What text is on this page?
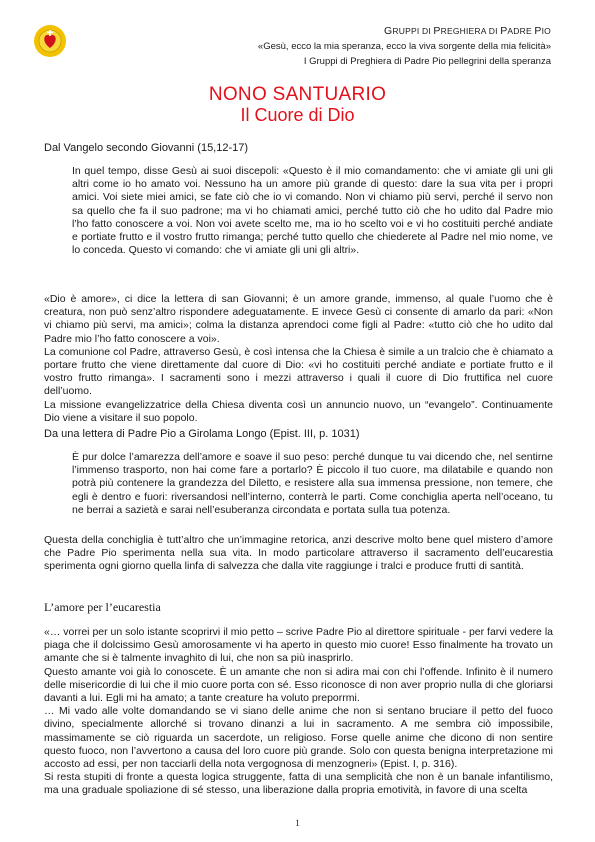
GRUPPI DI PREGHIERA DI PADRE PIO
«Gesù, ecco la mia speranza, ecco la viva sorgente della mia felicità»
I Gruppi di Preghiera di Padre Pio pellegrini della speranza
NONO SANTUARIO
Il Cuore di Dio
Dal Vangelo secondo Giovanni (15,12-17)
In quel tempo, disse Gesù ai suoi discepoli: «Questo è il mio comandamento: che vi amiate gli uni gli altri come io ho amato voi. Nessuno ha un amore più grande di questo: dare la sua vita per i propri amici. Voi siete miei amici, se fate ciò che io vi comando. Non vi chiamo più servi, perché il servo non sa quello che fa il suo padrone; ma vi ho chiamati amici, perché tutto ciò che ho udito dal Padre mio l’ho fatto conoscere a voi. Non voi avete scelto me, ma io ho scelto voi e vi ho costituiti perché andiate e portiate frutto e il vostro frutto rimanga; perché tutto quello che chiederete al Padre nel mio nome, ve lo conceda. Questo vi comando: che vi amiate gli uni gli altri».

«Dio è amore», ci dice la lettera di san Giovanni; è un amore grande, immenso, al quale l’uomo che è creatura, non può senz’altro rispondere adeguatamente. E invece Gesù ci consente di amarlo da pari: «Non vi chiamo più servi, ma amici»; colma la distanza aprendoci come figli al Padre: «tutto ciò che ho udito dal Padre mio l’ho fatto conoscere a voi».

La comunione col Padre, attraverso Gesù, è così intensa che la Chiesa è simile a un tralcio che è chiamato a portare frutto che viene direttamente dal cuore di Dio: «vi ho costituiti perché andiate e portiate frutto e il vostro frutto rimanga». I sacramenti sono i mezzi attraverso i quali il cuore di Dio fruttifica nel cuore dell’uomo.

La missione evangelizzatrice della Chiesa diventa così un annuncio nuovo, un “evangelo”. Continuamente Dio viene a visitare il suo popolo.

Da una lettera di Padre Pio a Girolama Longo (Epist. III, p. 1031)
È pur dolce l’amarezza dell’amore e soave il suo peso: perché dunque tu vai dicendo che, nel sentirne l’immenso trasporto, non hai come fare a portarlo? È piccolo il tuo cuore, ma dilatabile e quando non potrà più contenere la grandezza del Diletto, e resistere alla sua immensa pressione, non temere, che egli è dentro e fuori: riversandosi nell’interno, conterrà le parti. Come conchiglia aperta nell’oceano, tu ne berrai a sazietà e sarai nell’esuberanza circondata e portata sulla tua potenza.
Questa della conchiglia è tutt’altro che un’immagine retorica, anzi descrive molto bene quel mistero d’amore che Padre Pio sperimenta nella sua vita. In modo particolare attraverso il sacramento dell’eucarestia sperimenta ogni giorno quella linfa di salvezza che dalla vite raggiunge i tralci e produce frutti di santità.
L’amore per l’eucarestia

«… vorrei per un solo istante scoprirvi il mio petto – scrive Padre Pio al direttore spirituale - per farvi vedere la piaga che il dolcissimo Gesù amorosamente vi ha aperto in questo mio cuore! Esso finalmente ha trovato un amante che si è talmente invaghito di lui, che non sa più inasprirlo.

Questo amante voi già lo conoscete. È un amante che non si adira mai con chi l’offende. Infinito è il numero delle misericordie di lui che il mio cuore porta con sé. Esso riconosce di non aver proprio nulla di che gloriarsi davanti a lui. Egli mi ha amato; a tante creature ha voluto preporrmi.

… Mi vado alle volte domandando se vi siano delle anime che non si sentano bruciare il petto del fuoco divino, specialmente allorché si trovano dinanzi a lui in sacramento. A me sembra ciò impossibile, massimamente se ciò riguarda un sacerdote, un religioso. Forse quelle anime che dicono di non sentire questo fuoco, non l’avvertono a causa del loro cuore più grande. Solo con questa benigna interpretazione mi accosto ad essi, per non tacciarli della nota vergognosa di menzogneri» (Epist. I, p. 316).

Si resta stupiti di fronte a questa logica struggente, fatta di una semplicità che non è un banale infantilismo, ma una graduale spoliazione di sé stesso, una liberazione dalla propria emotività, in favore di una scelta

1
